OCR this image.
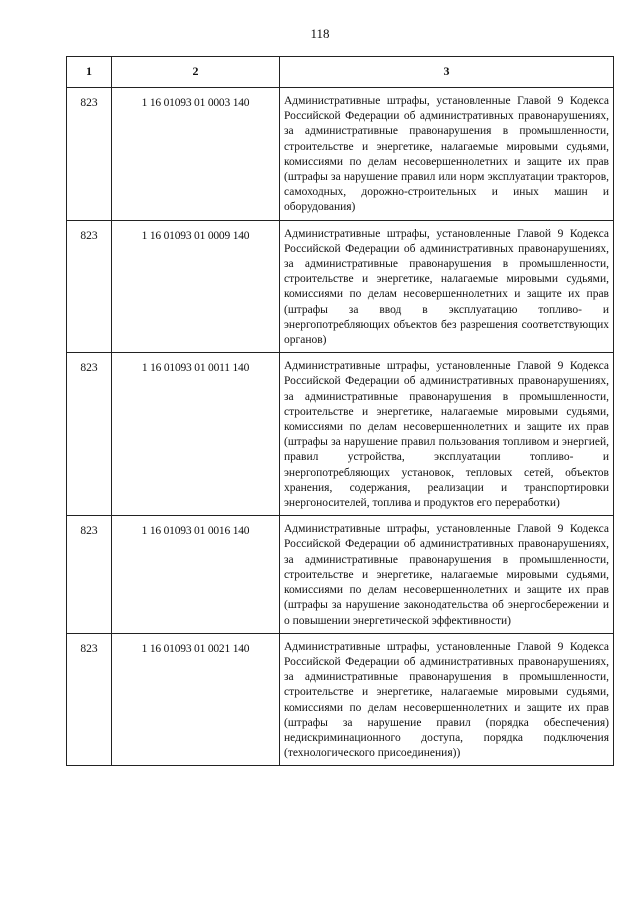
118
1	2	3
823	1 16 01093 01 0003 140	Административные штрафы, установленные Главой 9 Кодекса Российской Федерации об административных правонарушениях, за административные правонарушения в промышленности, строительстве и энергетике, налагаемые мировыми судьями, комиссиями по делам несовершеннолетних и защите их прав (штрафы за нарушение правил или норм эксплуатации тракторов, самоходных, дорожно-строительных и иных машин и оборудования)
823	1 16 01093 01 0009 140	Административные штрафы, установленные Главой 9 Кодекса Российской Федерации об административных правонарушениях, за административные правонарушения в промышленности, строительстве и энергетике, налагаемые мировыми судьями, комиссиями по делам несовершеннолетних и защите их прав (штрафы за ввод в эксплуатацию топливо- и энергопотребляющих объектов без разрешения соответствующих органов)
823	1 16 01093 01 0011 140	Административные штрафы, установленные Главой 9 Кодекса Российской Федерации об административных правонарушениях, за административные правонарушения в промышленности, строительстве и энергетике, налагаемые мировыми судьями, комиссиями по делам несовершеннолетних и защите их прав (штрафы за нарушение правил пользования топливом и энергией, правил устройства, эксплуатации топливо- и энергопотребляющих установок, тепловых сетей, объектов хранения, содержания, реализации и транспортировки энергоносителей, топлива и продуктов его переработки)
823	1 16 01093 01 0016 140	Административные штрафы, установленные Главой 9 Кодекса Российской Федерации об административных правонарушениях, за административные правонарушения в промышленности, строительстве и энергетике, налагаемые мировыми судьями, комиссиями по делам несовершеннолетних и защите их прав (штрафы за нарушение законодательства об энергосбережении и о повышении энергетической эффективности)
823	1 16 01093 01 0021 140	Административные штрафы, установленные Главой 9 Кодекса Российской Федерации об административных правонарушениях, за административные правонарушения в промышленности, строительстве и энергетике, налагаемые мировыми судьями, комиссиями по делам несовершеннолетних и защите их прав (штрафы за нарушение правил (порядка обеспечения) недискриминационного доступа, порядка подключения (технологического присоединения))
